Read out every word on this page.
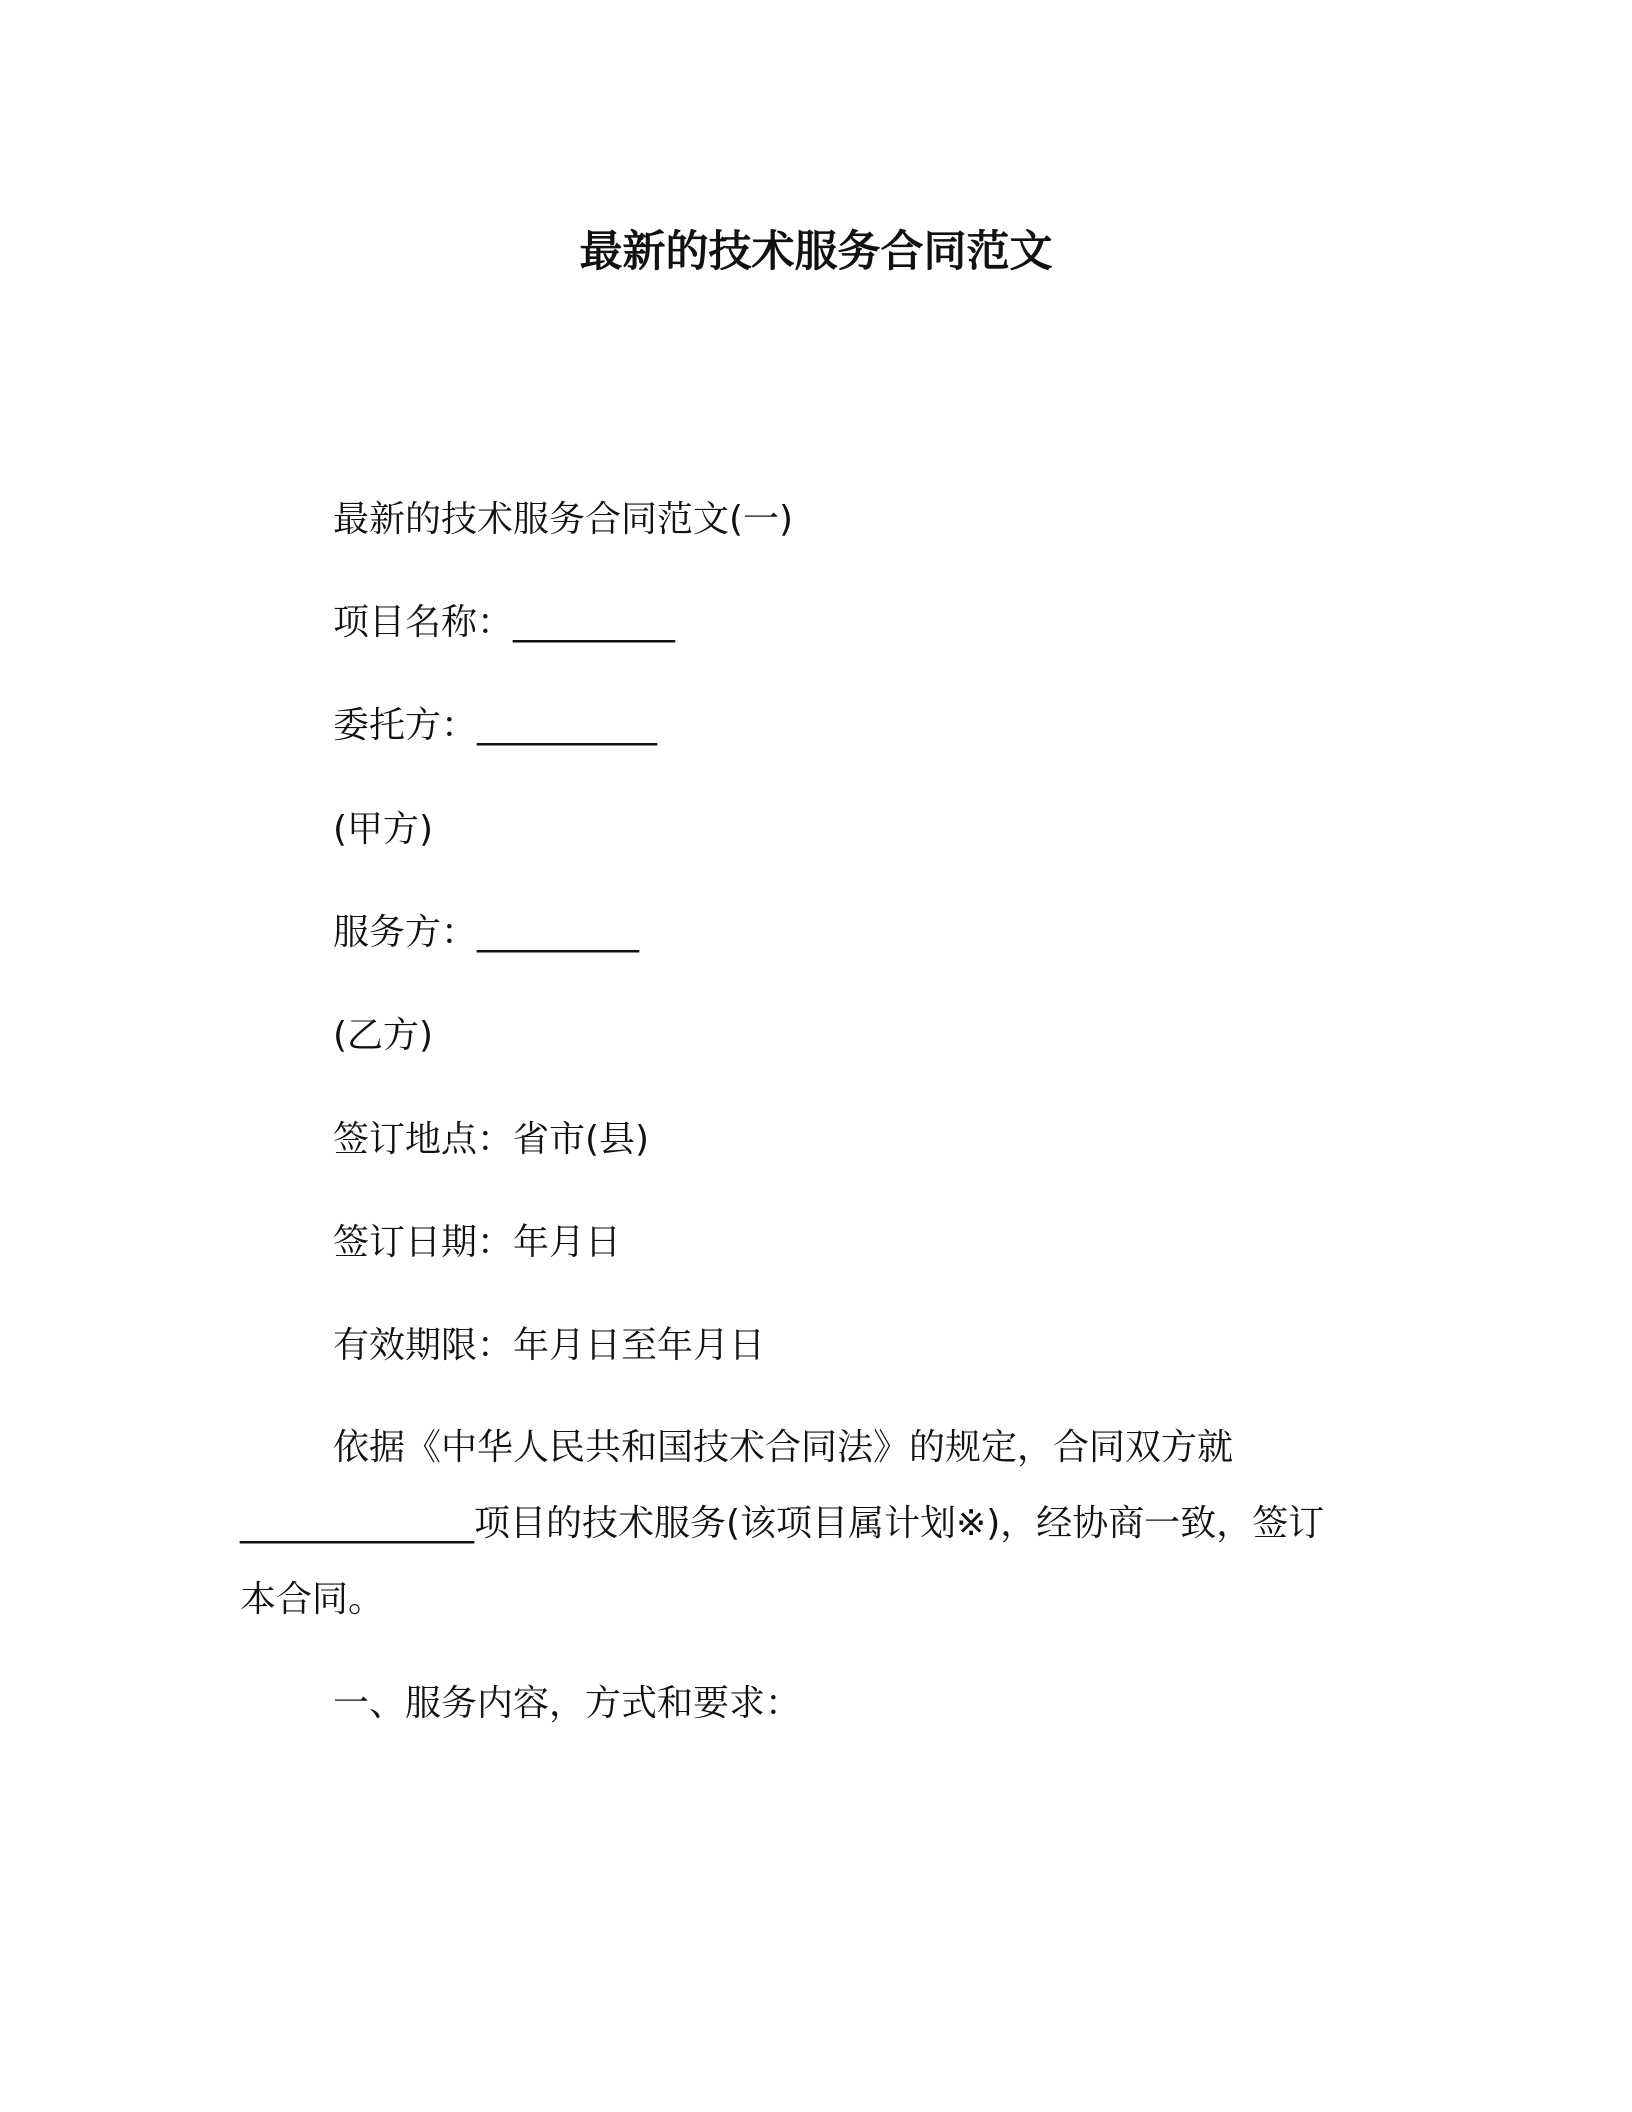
最新的技术服务合同范文
最新的技术服务合同范文(一)
项目名称：_________
委托方：__________
(甲方)
服务方：_________
(乙方)
签订地点：省市(县)
签订日期：年月日
有效期限：年月日至年月日
依据《中华人民共和国技术合同法》的规定，合同双方就
_____________项目的技术服务(该项目属计划※)，经协商一致，签订
本合同。
一、服务内容，方式和要求：
